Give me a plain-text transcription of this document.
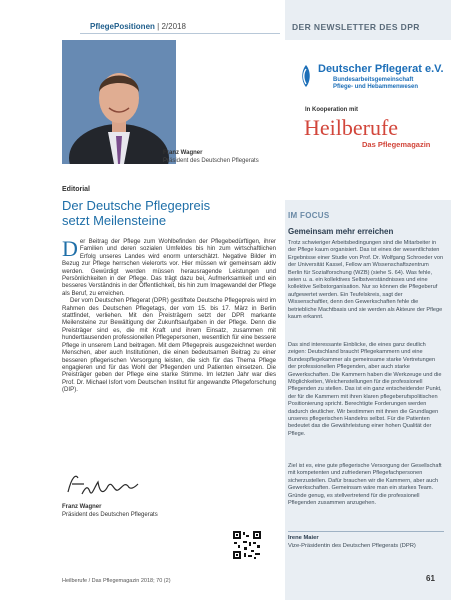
PflegePositionen | 2/2018	DER NEWSLETTER DES DPR
Deutscher Pflegerat e.V.
Bundesarbeitsgemeinschaft
Pflege- und Hebammenwesen
In Kooperation mit
Heilberufe
Das Pflegemagazin
IM FOCUS
Gemeinsam mehr erreichen

Trotz schwieriger Arbeitsbedingungen sind die Mitarbeiter in der Pflege kaum organisiert. Das ist eines der wesentlichsten Ergebnisse einer Studie von Prof. Dr. Wolfgang Schroeder von der Universität Kassel, Fellow am Wissenschaftszentrum Berlin für Sozialforschung (WZB) (siehe S. 64). Was fehle, seien u. a. ein kollektives Selbstverständnisses und eine kollektive Selbstorganisation. Nur so können die Pflegeberuf aufgewertet werden. Ein Teufelskreis, sagt der Wissenschaftler, denn den Gewerkschaften fehle die betriebliche Machtbasis und sie werden als Akteure der Pflege kaum erkannt.

Das sind interessante Einblicke, die eines ganz deutlich zeigen: Deutschland braucht Pflegekammern und eine Bundespflegekammer als gemeinsame starke Vertretungen der professionellen Pflegenden, aber auch starke Gewerkschaften. Die Kammern haben die Werkzeuge und die Möglichkeiten, Weichenstellungen für die professionell Pflegenden zu stellen. Das ist ein ganz entscheidender Punkt, der für die Kammern mit ihren klaren pflegeberufspolitischen Positionierung spricht. Berechtigte Forderungen werden dadurch deutlicher. Wir bestimmen mit ihnen die Grundlagen unseres pflegerischen Handelns selbst. Für die Patienten bedeutet das die Gewährleistung einer hohen Qualität der Pflege.

Ziel ist es, eine gute pflegerische Versorgung der Gesellschaft mit kompetenten und zufriedenen Pflegefachpersonen sicherzustellen. Dafür brauchen wir die Kammern, aber auch Gewerkschaften. Gemeinsam wäre man ein starkes Team. Gründe genug, es stellvertretend für die professionell Pflegenden zusammen anzugehen.

Irene Maier
Vize-Präsidentin des Deutschen Pflegerats (DPR)
Franz Wagner
Präsident des Deutschen Pflegerats
Editorial
Der Deutsche Pflegepreis
setzt Meilensteine
D er Beitrag der Pflege zum Wohlbefinden der Pflegebedürftigen, ihrer Familien und deren sozialen Umfeldes bis hin zum wirtschaftlichen Erfolg unseres Landes wird enorm unterschätzt. Negative Bilder im Bezug zur Pflege herrschen vielerorts vor. Hier müssen wir gemeinsam aktiv werden. Gewürdigt werden müssen herausragende Leistungen und Persönlichkeiten in der Pflege. Das trägt dazu bei, Aufmerksamkeit und ein besseres Verständnis in der Öffentlichkeit, bis hin zum Imagewandel der Pflege als Beruf, zu erreichen.

Der vom Deutschen Pflegerat (DPR) gestiftete Deutsche Pflegepreis wird im Rahmen des Deutschen Pflegetags, der vom 15. bis 17. März in Berlin stattfindet, verliehen. Mit den Preisträgern setzt der DPR markante Meilensteine zur Bewältigung der Zukunftsaufgaben in der Pflege. Denn die Preisträger sind es, die mit Kraft und ihrem Einsatz, zusammen mit hunderttausenden professionellen Pflegepersonen, wesentlich für eine bessere Pflege in unserem Land beitragen. Mit dem Pflegepreis ausgezeichnet werden Menschen, aber auch Institutionen, die einen bedeutsamen Beitrag zu einer besseren pflegerischen Versorgung leisten, die sich für das Thema Pflege engagieren und für das Wohl der Pflegenden und Patienten einsetzen. Die Preisträger geben der Pflege eine starke Stimme. Im letzten Jahr war dies Prof. Dr. Michael Isfort vom Deutschen Institut für angewandte Pflegeforschung (DIP).

Franz Wagner
Präsident des Deutschen Pflegerats
Heilberufe / Das Pflegemagazin 2018; 70 (2)	61
